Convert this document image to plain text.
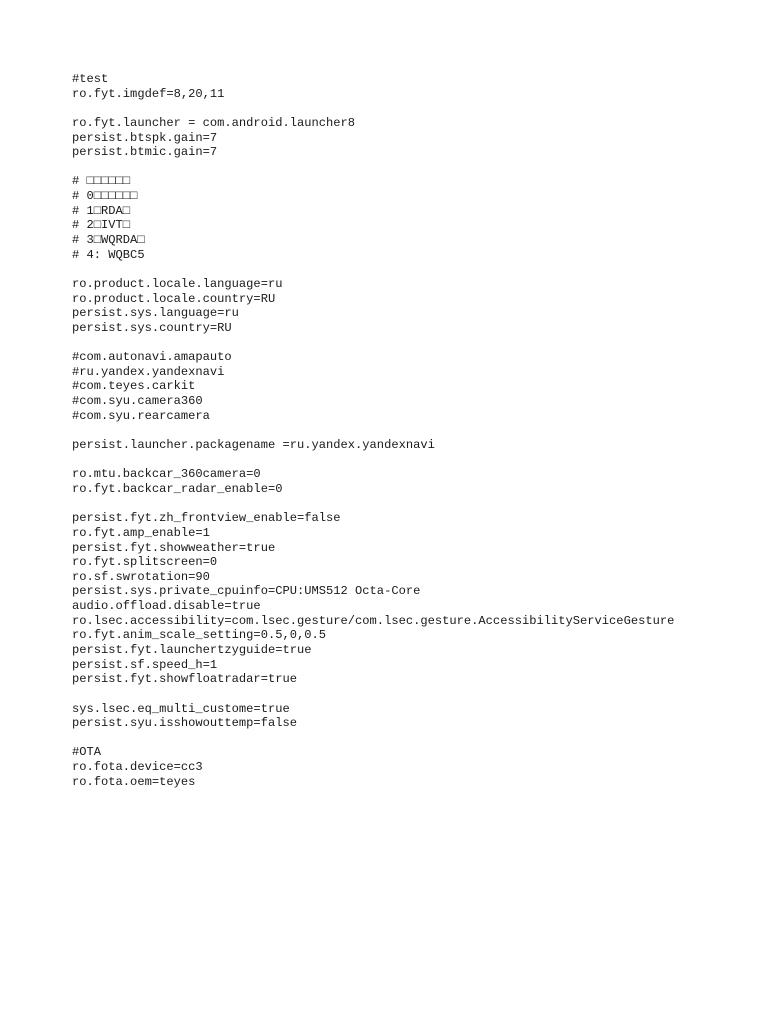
#test
ro.fyt.imgdef=8,20,11
ro.fyt.launcher = com.android.launcher8
persist.btspk.gain=7
persist.btmic.gain=7
# □□□□□□
# 0□□□□□□
# 1□RDA□
# 2□IVT□
# 3□WQRDA□
# 4: WQBC5
ro.product.locale.language=ru
ro.product.locale.country=RU
persist.sys.language=ru
persist.sys.country=RU
#com.autonavi.amapauto
#ru.yandex.yandexnavi
#com.teyes.carkit
#com.syu.camera360
#com.syu.rearcamera
persist.launcher.packagename =ru.yandex.yandexnavi
ro.mtu.backcar_360camera=0
ro.fyt.backcar_radar_enable=0
persist.fyt.zh_frontview_enable=false
ro.fyt.amp_enable=1
persist.fyt.showweather=true
ro.fyt.splitscreen=0
ro.sf.swrotation=90
persist.sys.private_cpuinfo=CPU:UMS512 Octa-Core
audio.offload.disable=true
ro.lsec.accessibility=com.lsec.gesture/com.lsec.gesture.AccessibilityServiceGesture
ro.fyt.anim_scale_setting=0.5,0,0.5
persist.fyt.launchertzyguide=true
persist.sf.speed_h=1
persist.fyt.showfloatradar=true
sys.lsec.eq_multi_custome=true
persist.syu.isshowouttemp=false
#OTA
ro.fota.device=cc3
ro.fota.oem=teyes
